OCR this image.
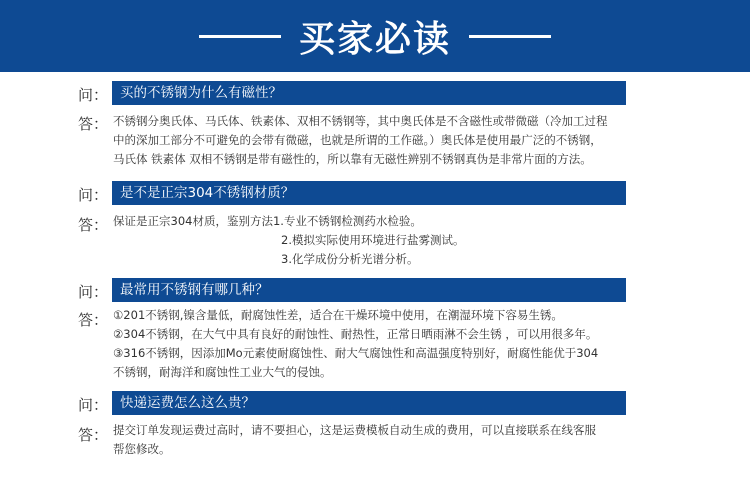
买家必读
问： 买的不锈钢为什么有磁性？
答： 不锈钢分奥氏体、马氏体、铁素体、双相不锈钢等，其中奥氏体是不含磁性或带微磁（冷加工过程
中的深加工部分不可避免的会带有微磁，也就是所谓的工作磁。）奥氏体是使用最广泛的不锈钢，
马氏体 铁素体 双相不锈钢是带有磁性的，所以靠有无磁性辨别不锈钢真伪是非常片面的方法。
问： 是不是正宗304不锈钢材质？
答： 保证是正宗304材质，鉴别方法1.专业不锈钢检测药水检验。
2.模拟实际使用环境进行盐雾测试。
3.化学成份分析光谱分析。
问： 最常用不锈钢有哪几种？
答： ①201不锈钢,镍含量低，耐腐蚀性差，适合在干燥环境中使用，在潮湿环境下容易生锈。
②304不锈钢，在大气中具有良好的耐蚀性、耐热性，正常日晒雨淋不会生锈 ，可以用很多年。
③316不锈钢，因添加Mo元素使耐腐蚀性、耐大气腐蚀性和高温强度特别好，耐腐性能优于304
不锈钢，耐海洋和腐蚀性工业大气的侵蚀。
问： 快递运费怎么这么贵？
答： 提交订单发现运费过高时，请不要担心，这是运费模板自动生成的费用，可以直接联系在线客服
帮您修改。
